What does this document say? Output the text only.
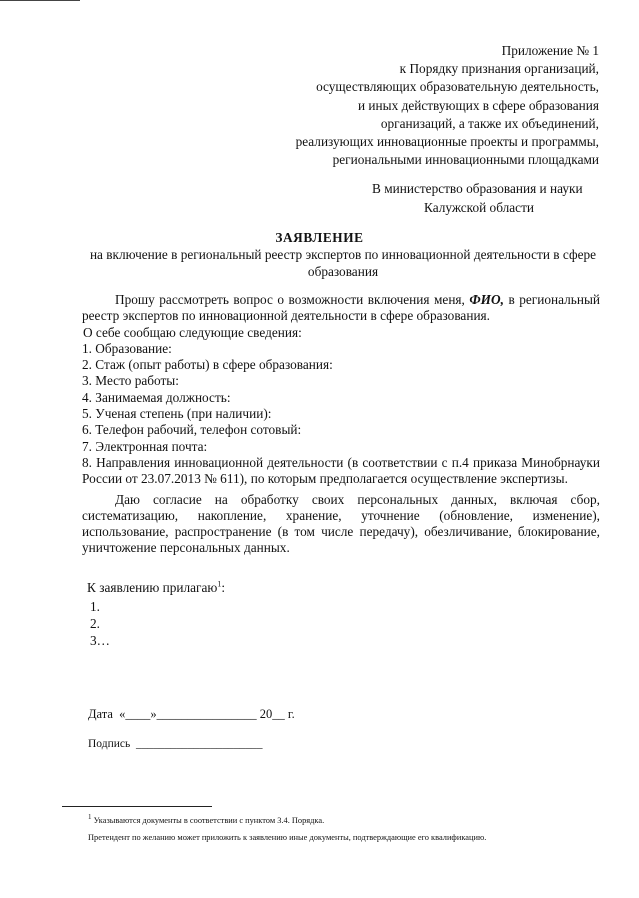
Приложение № 1
к Порядку признания организаций,
осуществляющих образовательную деятельность,
и иных действующих в сфере образования
организаций, а также их объединений,
реализующих инновационные проекты и программы,
региональными инновационными площадками
В министерство образования и науки
Калужской области
ЗАЯВЛЕНИЕ
на включение в региональный реестр экспертов по инновационной деятельности в сфере образования

Прошу рассмотреть вопрос о возможности включения меня, ФИО, в региональный реестр экспертов по инновационной деятельности в сфере образования.

О себе сообщаю следующие сведения:

1. Образование:

2. Стаж (опыт работы) в сфере образования:

3. Место работы:

4. Занимаемая должность:

5. Ученая степень (при наличии):

6. Телефон рабочий, телефон сотовый:

7. Электронная почта:

8. Направления инновационной деятельности (в соответствии с п.4 приказа Минобрнауки России от 23.07.2013 № 611), по которым предполагается осуществление экспертизы.

Даю согласие на обработку своих персональных данных, включая сбор, систематизацию, накопление, хранение, уточнение (обновление, изменение), использование, распространение (в том числе передачу), обезличивание, блокирование, уничтожение персональных данных.

К заявлению прилагаю$^1$:
1.
2.
3…
Дата «____»________________ 20__ г.
Подпись ______________________
$^1$ Указываются документы в соответствии с пунктом 3.4. Порядка.
Претендент по желанию может приложить к заявлению иные документы, подтверждающие его квалификацию.
